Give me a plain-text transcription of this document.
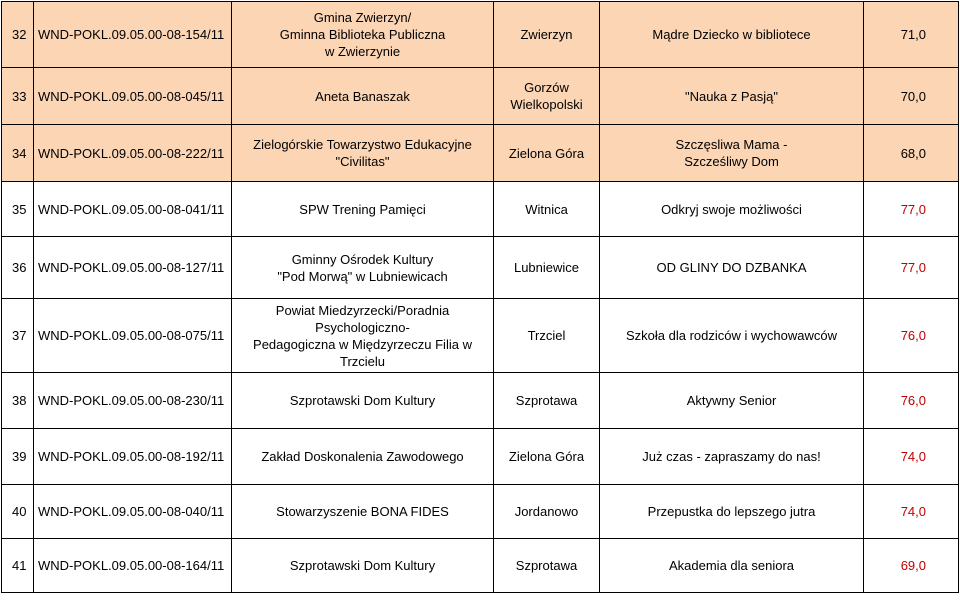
32	WND-POKL.09.05.00-08-154/11	Gmina Zwierzyn/
Gminna Biblioteka Publiczna
w Zwierzynie	Zwierzyn	Mądre Dziecko w bibliotece	71,0
33	WND-POKL.09.05.00-08-045/11	Aneta Banaszak	Gorzów
Wielkopolski	"Nauka z Pasją"	70,0
34	WND-POKL.09.05.00-08-222/11	Zielogórskie Towarzystwo Edukacyjne
"Civilitas"	Zielona Góra	Szczęsliwa Mama -
Szcześliwy Dom	68,0
35	WND-POKL.09.05.00-08-041/11	SPW Trening Pamięci	Witnica	Odkryj swoje możliwości	77,0
36	WND-POKL.09.05.00-08-127/11	Gminny Ośrodek Kultury
"Pod Morwą" w Lubniewicach	Lubniewice	OD GLINY DO DZBANKA	77,0
37	WND-POKL.09.05.00-08-075/11	Powiat Miedzyrzecki/Poradnia Psychologiczno-
Pedagogiczna w Międzyrzeczu Filia w Trzcielu	Trzciel	Szkoła dla rodziców i wychowawców	76,0
38	WND-POKL.09.05.00-08-230/11	Szprotawski Dom Kultury	Szprotawa	Aktywny Senior	76,0
39	WND-POKL.09.05.00-08-192/11	Zakład Doskonalenia Zawodowego	Zielona Góra	Już czas - zapraszamy do nas!	74,0
40	WND-POKL.09.05.00-08-040/11	Stowarzyszenie BONA FIDES	Jordanowo	Przepustka do lepszego jutra	74,0
41	WND-POKL.09.05.00-08-164/11	Szprotawski Dom Kultury	Szprotawa	Akademia dla seniora	69,0
